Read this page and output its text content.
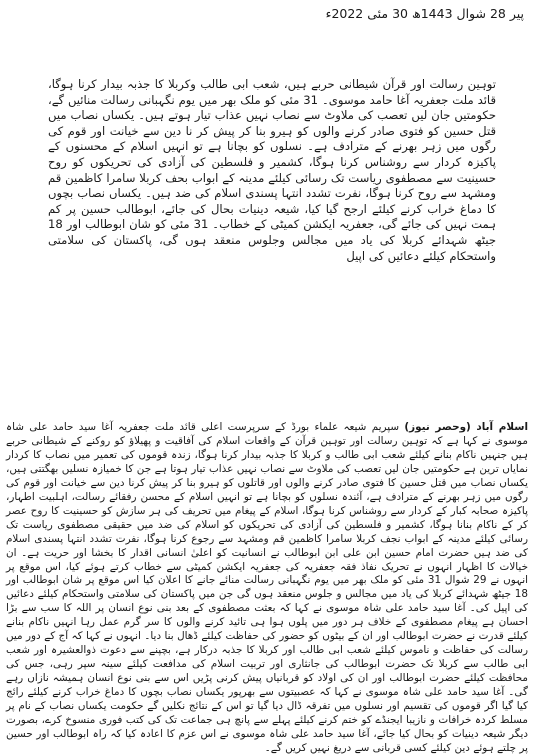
پیر 28 شوال 1443ھ 30 مئی 2022ء
توہین رسالت اور قرآن شیطانی حربے ہیں، شعب ابی طالب وکربلا کا جذبہ بیدار کرنا ہوگا، قائد ملت جعفریہ آغا حامد موسوی۔ 31 مئی کو ملک بھر میں یوم نگہبانی رسالت منائیں گے، حکومتیں جان لیں تعصب کی ملاوٹ سے نصاب نہیں عذاب تیار ہوتے ہیں۔ یکساں نصاب میں قتل حسین کو فتوی صادر کرنے والوں کو ہیرو بنا کر پیش کر نا دین سے خیانت اور قوم کی رگوں میں زہر بھرنے کے مترادف ہے۔ نسلوں کو بچانا ہے تو انہیں اسلام کے محسنوں کے پاکیزہ کردار سے روشناس کرنا ہوگا، کشمیر و فلسطین کی آزادی کی تحریکوں کو روح حسینیت سے مصطفوی ریاست تک رسائی کیلئے مدینہ کے ابواب بحف کربلا سامرا کاظمین قم ومشہد سے روح کرنا ہوگا، نفرت تشدد انتہا پسندی اسلام کی ضد ہیں۔ یکساں نصاب بچوں کا دماغ خراب کرنے کیلئے ارجح گیا کیا، شیعہ دینیات بحال کی جائے، ابوطالب حسین پر کم ہمت نہیں کی جائے گی، جعفریہ ایکشن کمیٹی کے خطاب۔ 31 مئی کو شان ابوطالب اور 18 جیٹھ شہدائے کربلا کی یاد میں مجالس وجلوس منعقد ہوں گی، پاکستان کی سلامتی واستحکام کیلئے دعائیں کی اپیل

اسلام آباد (وحصر نیوز) سپریم شیعہ علماء بورڈ کے سرپرست اعلی قائد ملت جعفریہ آغا سید حامد علی شاہ موسوی نے کہا ہے کہ توہین رسالت اور توہین قرآن کے واقعات اسلام کی آفاقیت و پھیلاؤ کو روکنے کے شیطانی حربے ہیں جنہیں ناکام بنانے کیلئے شعب ابی طالب و کربلا کا جذبہ بیدار کرنا ہوگا، زندہ قوموں کی تعمیر میں نصاب کا کردار نمایاں ترین ہے حکومتیں جان لیں تعصب کی ملاوٹ سے نصاب نہیں عذاب تیار ہوتا ہے جن کا خمیازہ نسلیں بھگتتی ہیں، یکساں نصاب میں قتل حسین کا فتوی صادر کرنے والوں اور قاتلوں کو ہیرو بنا کر پیش کرنا دین سے خیانت اور قوم کی رگوں میں زہر بھرنے کے مترادف ہے، آئندہ نسلوں کو بچانا ہے تو انہیں اسلام کے محسن رفقائے رسالت، اہلبیت اطہار، پاکیزہ صحابہ کبار کے کردار سے روشناس کرنا ہوگا، اسلام کے پیغام میں تحریف کی ہر سازش کو حسینیت کا روح عصر کر کے ناکام بنانا ہوگا، کشمیر و فلسطین کی آزادی کی تحریکوں کو اسلام کی ضد میں حقیقی مصطفوی ریاست تک رسائی کیلئے مدینہ کے ابواب نجف کربلا سامرا کاظمین قم ومشہد سے رجوع کرنا ہوگا، نفرت تشدد انتہا پسندی اسلام کی ضد ہیں حضرت امام حسین ابن علی ابن ابوطالب نے انسانیت کو اعلیٰ انسانی اقدار کا بخشا اور حریت ہے۔ ان خیالات کا اظہار انہوں نے تحریک نفاذ فقہ جعفریہ کی جعفریہ ایکشن کمیٹی سے خطاب کرتے ہوئے کیا، اس موقع پر انہوں نے 29 شوال 31 مئی کو ملک بھر میں یوم نگہبانی رسالت منائے جانے کا اعلان کیا اس موقع پر شان ابوطالب اور 18 جیٹھ شہدائے کربلا کی یاد میں مجالس و جلوس منعقد ہوں گی جن میں پاکستان کی سلامتی واستحکام کیلئے دعائیں کی اپیل کی۔ آغا سید حامد علی شاہ موسوی نے کہا کہ بعثت مصطفوی کے بعد بنی نوع انسان پر اللہ کا سب سے بڑا احسان ہے پیغام مصطفوی کے خلاف ہر دور میں پلوں ہوا ہی تائید کرنے والوں کا سر گرم عمل رہا انہیں ناکام بنانے کیلئے قدرت نے حضرت ابوطالب اور ان کے بیٹوں کو حضور کی حفاظت کیلئے ڈھال بنا دیا۔ انہوں نے کہا کہ آج کے دور میں رسالت کی حفاظت و ناموس کیلئے شعب ابی طالب اور کربلا کا جذبہ درکار ہے، بچپنے سے دعوت ذوالعشیرہ اور شعب ابی طالب سے کربلا تک حضرت ابوطالب کی جانثاری اور تربیت اسلام کی مدافعت کیلئے سینہ سپر رہی، جس کی محافظت کیلئے حضرت ابوطالب اور ان کی اولاد کو قربانیاں پیش کرنی پڑیں اس سے بنی نوع انسان ہمیشہ نازاں رہے گی۔ آغا سید حامد علی شاہ موسوی نے کہا کہ عصبیتوں سے بھرپور یکساں نصاب بچوں کا دماغ خراب کرنے کیلئے رائج کیا گیا اگر قوموں کی تقسیم اور نسلوں میں تفرقہ ڈال دیا گیا تو اس کے نتائج نکلیں گے حکومت یکساں نصاب کے نام پر مسلط کردہ خرافات و نازیبا ایجنڈے کو ختم کرنے کیلئے پہلے سے پانچ ہی جماعت تک کی کتب فوری منسوخ کرے، بصورت دیگر شیعہ دینیات کو بحال کیا جائے، آغا سید حامد علی شاہ موسوی نے اس عزم کا اعادہ کیا کہ راہ ابوطالب اور حسین پر چلتے ہوئے دین کیلئے کسی قربانی سے دریغ نہیں کریں گے۔
